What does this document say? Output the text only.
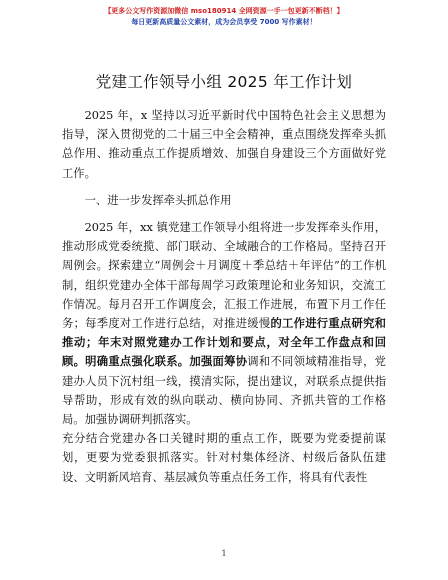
【更多公文写作资源加微信 mso180914 全网资源一手一包更新不断档！】
每日更新高质量公文素材，成为会员享受 7000 写作素材！
党建工作领导小组 2025 年工作计划

2025 年，x 坚持以习近平新时代中国特色社会主义思想为指导，深入贯彻党的二十届三中全会精神，重点围绕发挥牵头抓总作用、推动重点工作提质增效、加强自身建设三个方面做好党工作。

一、进一步发挥牵头抓总作用

2025 年，xx 镇党建工作领导小组将进一步发挥牵头作用，推动形成党委统揽、部门联动、全域融合的工作格局。坚持召开周例会。探索建立“周例会＋月调度＋季总结＋年评估”的工作机制，组织党建办全体干部每周学习政策理论和业务知识，交流工作情况。每月召开工作调度会，汇报工作进展，布置下月工作任务；每季度对工作进行总结，对推进缓慢的工作进行重点研究和推动；年末对照党建办工作计划和要点，对全年工作盘点和回顾。明确重点强化联系。加强面筹协调和不同领域精准指导，党建办人员下沉村组一线，摸清实际，提出建议，对联系点提供指导帮助，形成有效的纵向联动、横向协同、齐抓共管的工作格局。加强协调研判抓落实。

充分结合党建办各口关键时期的重点工作，既要为党委提前谋划，更要为党委狠抓落实。针对村集体经济、村级后备队伍建设、文明新风培育、基层减负等重点任务工作，将具有代表性

1
